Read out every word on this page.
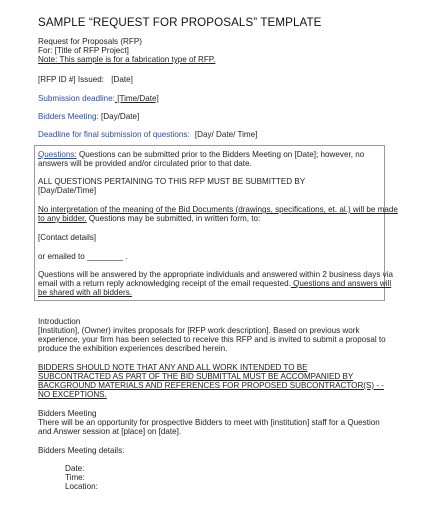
SAMPLE “REQUEST FOR PROPOSALS” TEMPLATE
Request for Proposals (RFP)
For: [Title of RFP Project]
Note: This sample is for a fabrication type of RFP.
[RFP ID #] Issued: [Date]
Submission deadline: [Time/Date]
Bidders Meeting: [Day/Date]
Deadline for final submission of questions: [Day/ Date/ Time]
Questions: Questions can be submitted prior to the Bidders Meeting on [Date]; however, no
answers will be provided and/or circulated prior to that date.
ALL QUESTIONS PERTAINING TO THIS RFP MUST BE SUBMITTED BY
[Day/Date/Time]
No interpretation of the meaning of the Bid Documents (drawings, specifications, et. al.) will be made
to any bidder. Questions may be submitted, in written form, to:
[Contact details]
or emailed to ________ .
Questions will be answered by the appropriate individuals and answered within 2 business days via
email with a return reply acknowledging receipt of the email requested. Questions and answers will
be shared with all bidders.
Introduction
[Institution], (Owner) invites proposals for [RFP work description]. Based on previous work
experience, your firm has been selected to receive this RFP and is invited to submit a proposal to
produce the exhibition experiences described herein.
BIDDERS SHOULD NOTE THAT ANY AND ALL WORK INTENDED TO BE
SUBCONTRACTED AS PART OF THE BID SUBMITTAL MUST BE ACCOMPANIED BY
BACKGROUND MATERIALS AND REFERENCES FOR PROPOSED SUBCONTRACTOR(S) - -
NO EXCEPTIONS.
Bidders Meeting
There will be an opportunity for prospective Bidders to meet with [institution] staff for a Question
and Answer session at [place] on [date].
Bidders Meeting details:
Date:
Time:
Location:
